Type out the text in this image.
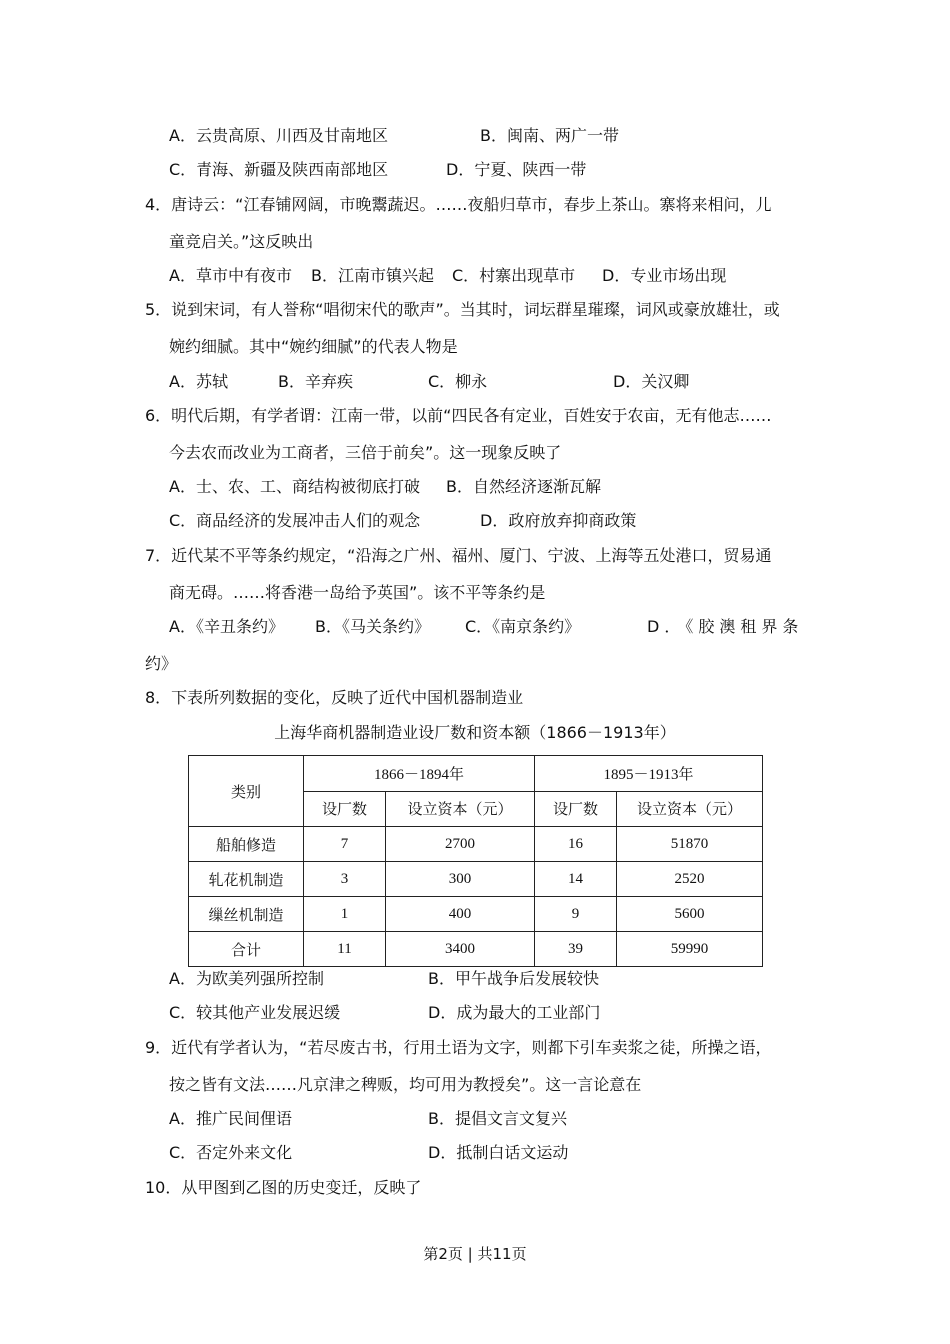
A．云贵高原、川西及甘南地区	B．闽南、两广一带
C．青海、新疆及陕西南部地区	D．宁夏、陕西一带
4．唐诗云：“江春铺网阔，市晚鬻蔬迟。……夜船归草市，春步上茶山。寨将来相问，儿
童竞启关。”这反映出
A．草市中有夜市 B．江南市镇兴起 C．村寨出现草市 D．专业市场出现
5．说到宋词，有人誉称“唱彻宋代的歌声”。当其时，词坛群星璀璨，词风或豪放雄壮，或
婉约细腻。其中“婉约细腻”的代表人物是
A．苏轼	B．辛弃疾	C．柳永	D．关汉卿
6．明代后期，有学者谓：江南一带，以前“四民各有定业，百姓安于农亩，无有他志……
今去农而改业为工商者，三倍于前矣”。这一现象反映了
A．士、农、工、商结构被彻底打破 B．自然经济逐渐瓦解
C．商品经济的发展冲击人们的观念	D．政府放弃抑商政策
7．近代某不平等条约规定，“沿海之广州、福州、厦门、宁波、上海等五处港口，贸易通
商无碍。……将香港一岛给予英国”。该不平等条约是
A．《辛丑条约》 B．《马关条约》 C．《南京条约》	D．《胶澳租界条
约》
8．下表所列数据的变化，反映了近代中国机器制造业
上海华商机器制造业设厂数和资本额（1866－1913年）
类别	1866－1894年		1895－1913年	
	设厂数	设立资本（元）	设厂数	设立资本（元）
船舶修造	7	2700	16	51870
轧花机制造	3	300	14	2520
缫丝机制造	1	400	9	5600
合计	11	3400	39	59990
A．为欧美列强所控制	B．甲午战争后发展较快
C．较其他产业发展迟缓	D．成为最大的工业部门
9．近代有学者认为，“若尽废古书，行用土语为文字，则都下引车卖浆之徒，所操之语，
按之皆有文法……凡京津之稗贩，均可用为教授矣”。这一言论意在
A．推广民间俚语	B．提倡文言文复兴
C．否定外来文化	D．抵制白话文运动
10．从甲图到乙图的历史变迁，反映了
第2页 | 共11页
